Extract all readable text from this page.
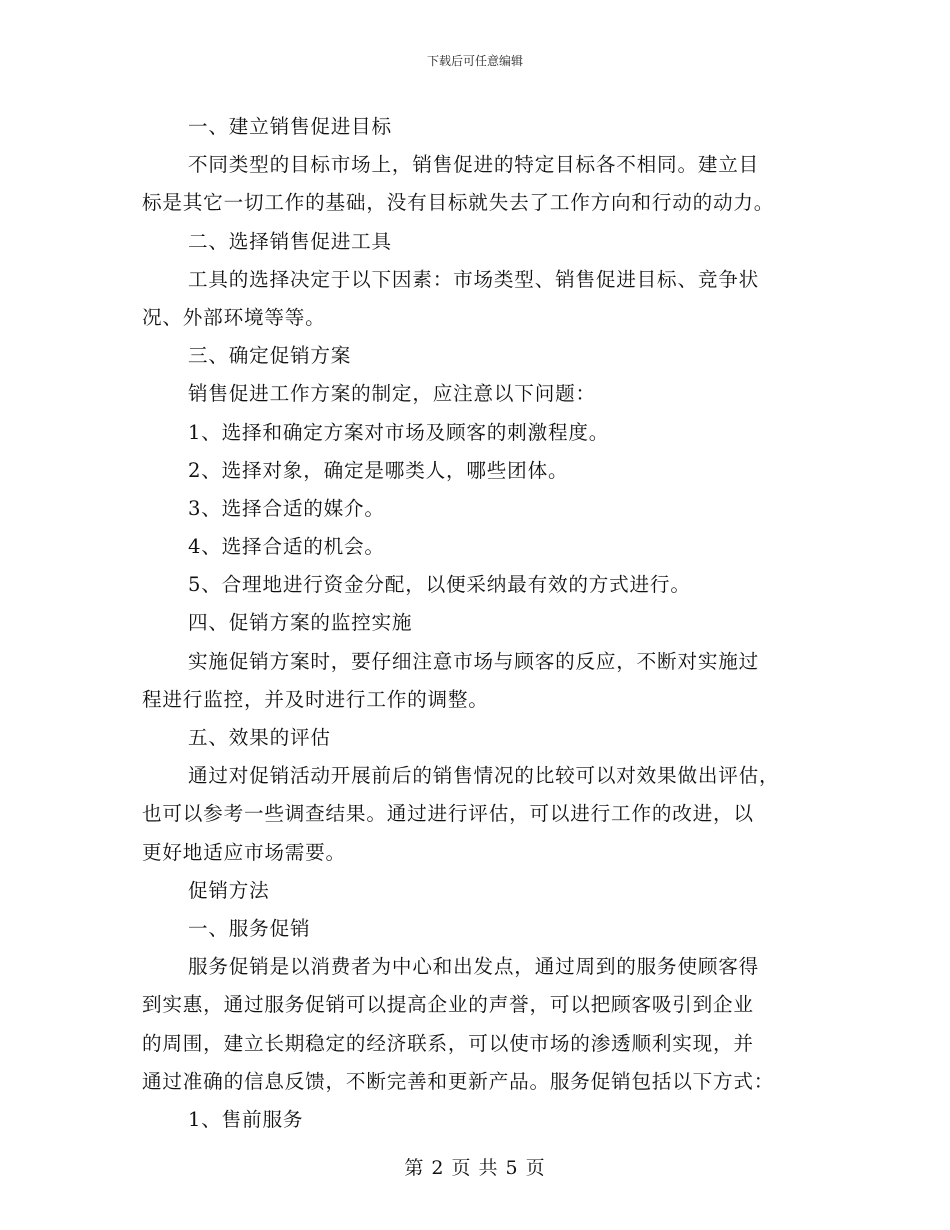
下载后可任意编辑
一、建立销售促进目标
不同类型的目标市场上，销售促进的特定目标各不相同。建立目
标是其它一切工作的基础，没有目标就失去了工作方向和行动的动力。
二、选择销售促进工具
工具的选择决定于以下因素：市场类型、销售促进目标、竞争状
况、外部环境等等。
三、确定促销方案
销售促进工作方案的制定，应注意以下问题：
1、选择和确定方案对市场及顾客的刺激程度。
2、选择对象，确定是哪类人，哪些团体。
3、选择合适的媒介。
4、选择合适的机会。
5、合理地进行资金分配，以便采纳最有效的方式进行。
四、促销方案的监控实施
实施促销方案时，要仔细注意市场与顾客的反应，不断对实施过
程进行监控，并及时进行工作的调整。
五、效果的评估
通过对促销活动开展前后的销售情况的比较可以对效果做出评估，
也可以参考一些调查结果。通过进行评估，可以进行工作的改进，以
更好地适应市场需要。
促销方法
一、服务促销
服务促销是以消费者为中心和出发点，通过周到的服务使顾客得
到实惠，通过服务促销可以提高企业的声誉，可以把顾客吸引到企业
的周围，建立长期稳定的经济联系，可以使市场的渗透顺利实现，并
通过准确的信息反馈，不断完善和更新产品。服务促销包括以下方式：
1、售前服务
第 2 页 共 5 页
